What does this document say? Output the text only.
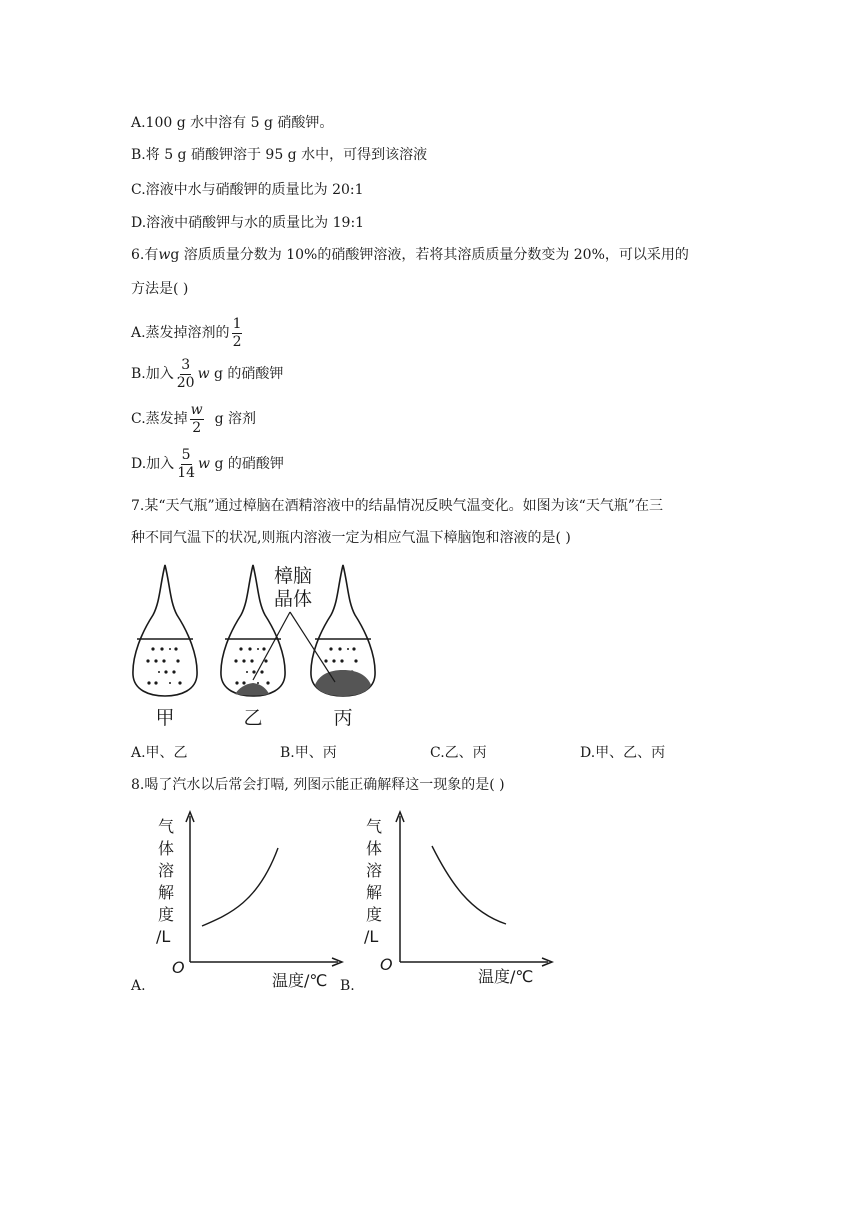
A.100 g 水中溶有 5 g 硝酸钾。
B.将 5 g 硝酸钾溶于 95 g 水中，可得到该溶液
C.溶液中水与硝酸钾的质量比为 20:1
D.溶液中硝酸钾与水的质量比为 19:1
6.有wg 溶质质量分数为 10%的硝酸钾溶液，若将其溶质质量分数变为 20%，可以采用的
方法是( )
A.蒸发掉溶剂的 $\frac{1}{2}$
B.加入 $\frac{3}{20}$ w g 的硝酸钾
C.蒸发掉 $\frac{w}{2}$ g 溶剂
D.加入 $\frac{5}{14}$ w g 的硝酸钾
7.某“天气瓶”通过樟脑在酒精溶液中的结晶情况反映气温变化。如图为该“天气瓶”在三
种不同气温下的状况,则瓶内溶液一定为相应气温下樟脑饱和溶液的是( )
樟脑
晶体
甲	乙	丙
A.甲、乙	B.甲、丙	C.乙、丙	D.甲、乙、丙
8.喝了汽水以后常会打嗝, 列图示能正确解释这一现象的是( )
气
体
溶
解
度
/L
O
温度/℃
A.
气
体
溶
解
度
/L
O
温度/℃
B.
